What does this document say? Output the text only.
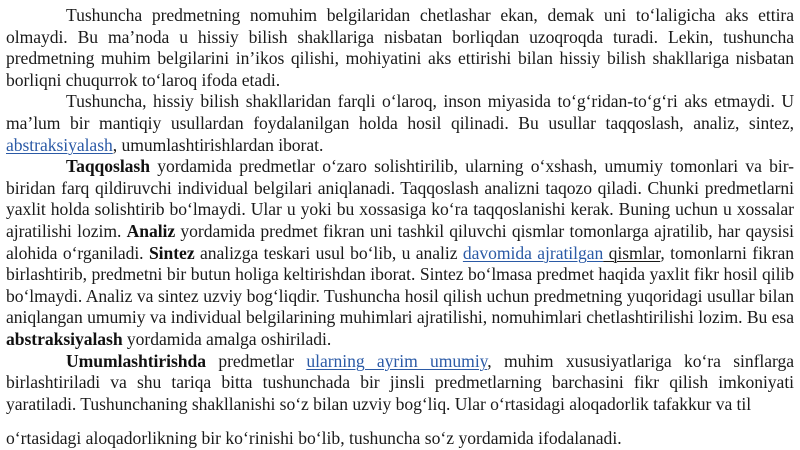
Tushuncha predmetning nomuhim belgilaridan chetlashar ekan, demak uni to‘laligicha aks ettira olmaydi. Bu ma’noda u hissiy bilish shakllariga nisbatan borliqdan uzoqroqda turadi. Lekin, tushuncha predmetning muhim belgilarini in’ikos qilishi, mohiyatini aks ettirishi bilan hissiy bilish shakllariga nisbatan borliqni chuqurrok to‘laroq ifoda etadi.

Tushuncha, hissiy bilish shakllaridan farqli o‘laroq, inson miyasida to‘g‘ridan-to‘g‘ri aks etmaydi. U ma’lum bir mantiqiy usullardan foydalanilgan holda hosil qilinadi. Bu usullar taqqoslash, analiz, sintez, abstraksiyalash, umumlashtirishlardan iborat.

Taqqoslash yordamida predmetlar o‘zaro solishtirilib, ularning o‘xshash, umumiy tomonlari va bir-biridan farq qildiruvchi individual belgilari aniqlanadi. Taqqoslash analizni taqozo qiladi. Chunki predmetlarni yaxlit holda solishtirib bo‘lmaydi. Ular u yoki bu xossasiga ko‘ra taqqoslanishi kerak. Buning uchun u xossalar ajratilishi lozim. Analiz yordamida predmet fikran uni tashkil qiluvchi qismlar tomonlarga ajratilib, har qaysisi alohida o‘rganiladi. Sintez analizga teskari usul bo‘lib, u analiz davomida ajratilgan qismlar, tomonlarni fikran birlashtirib, predmetni bir butun holiga keltirishdan iborat. Sintez bo‘lmasa predmet haqida yaxlit fikr hosil qilib bo‘lmaydi. Analiz va sintez uzviy bog‘liqdir. Tushuncha hosil qilish uchun predmetning yuqoridagi usullar bilan aniqlangan umumiy va individual belgilarining muhimlari ajratilishi, nomuhimlari chetlashtirilishi lozim. Bu esa abstraksiyalash yordamida amalga oshiriladi.

Umumlashtirishda predmetlar ularning ayrim umumiy, muhim xususiyatlariga ko‘ra sinflarga birlashtiriladi va shu tariqa bitta tushunchada bir jinsli predmetlarning barchasini fikr qilish imkoniyati yaratiladi. Tushunchaning shakllanishi so‘z bilan uzviy bog‘liq. Ular o‘rtasidagi aloqadorlik tafakkur va til

o‘rtasidagi aloqadorlikning bir ko‘rinishi bo‘lib, tushuncha so‘z yordamida ifodalanadi.
